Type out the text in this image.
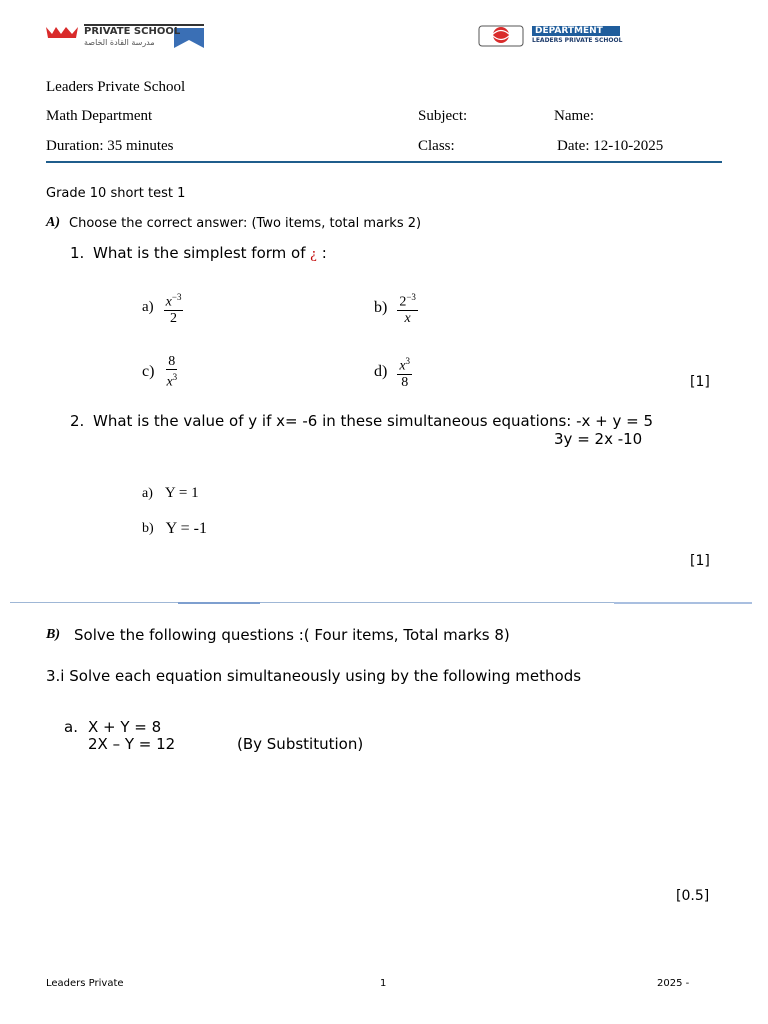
PRIVATE SCHOOL
مدرسة القادة الخاصة
DEPARTMENT
LEADERS PRIVATE SCHOOL
Leaders Private School
Math Department	Subject:	Name:
Duration: 35 minutes	Class:	Date: 12-10-2025
Grade 10 short test 1
A) Choose the correct answer: (Two items, total marks 2)
1. What is the simplest form of ¿ :
$a) \frac{x^{-3}}{2}$	$b) \frac{2^{-3}}{x}$
$c) \frac{8}{x^3}$	$d) \frac{x^3}{8}$	[1]
2. What is the value of y if x= -6 in these simultaneous equations: -x + y = 5
3y = 2x -10
a) Y = 1
b) Y = -1
[1]
B) Solve the following questions :( Four items, Total marks 8)
3.i Solve each equation simultaneously using by the following methods
a. X + Y = 8
2X – Y = 12	(By Substitution)
[0.5]
Leaders Private	1	2025 -
